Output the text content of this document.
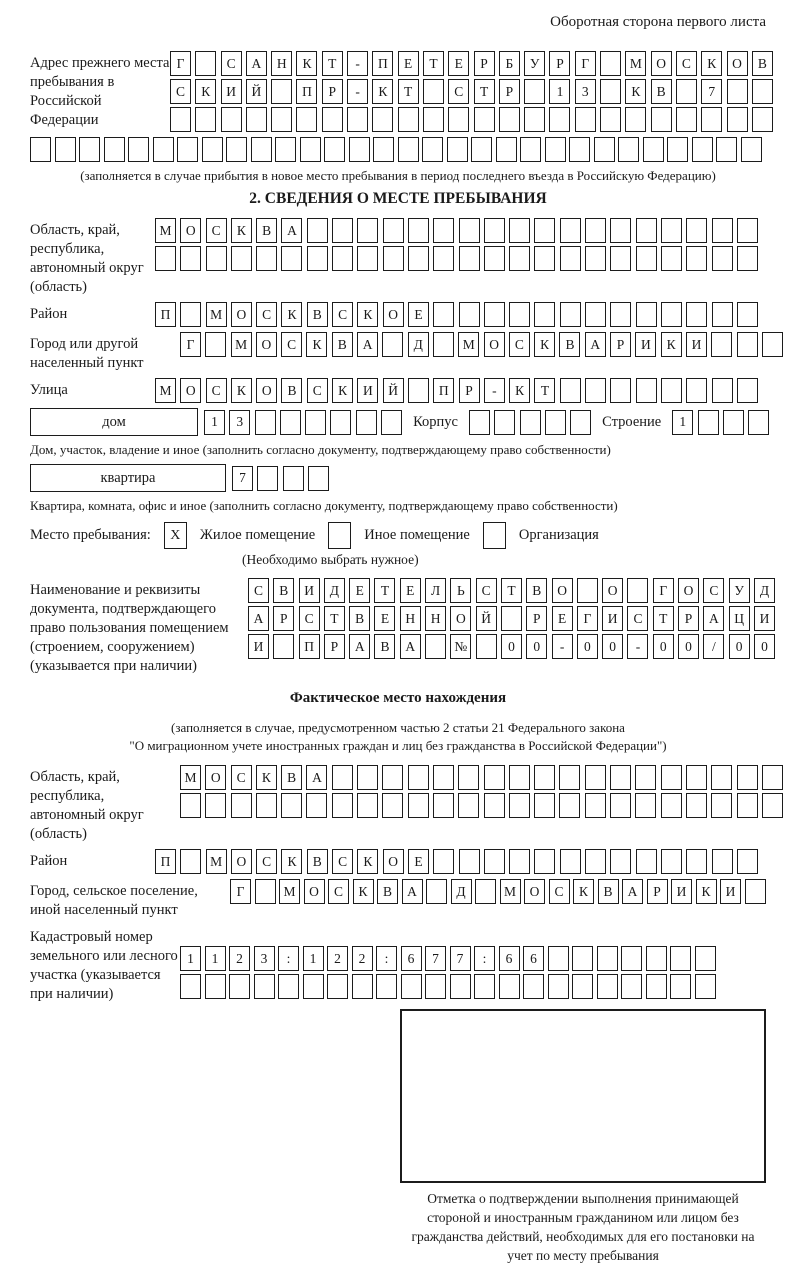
Оборотная сторона первого листа
Адрес прежнего места пребывания в Российской Федерации
Г	С	А	Н	К	Т	-	П	Е	Т	Е	Р	Б	У	Р	Г	М	О	С	К	О	В
С	К	И	Й	П	Р	-	К	Т	С	Т	Р	1	3	К	В	7
(заполняется в случае прибытия в новое место пребывания в период последнего въезда в Российскую Федерацию)
2. СВЕДЕНИЯ О МЕСТЕ ПРЕБЫВАНИЯ
Область, край, республика, автономный округ (область)
М	О	С	К	В	А
Район	П	М	О	С	К	В	С	К	О	Е
Город или другой населенный пункт
Г	М	О	С	К	В	А	Д	М	О	С	К	В	А	Р	И	К	И
Улица	М	О	С	К	О	В	С	К	И	Й	П	Р	-	К	Т
дом	1	3	Корпус	Строение	1
Дом, участок, владение и иное (заполнить согласно документу, подтверждающему право собственности)
квартира	7
Квартира, комната, офис и иное (заполнить согласно документу, подтверждающему право собственности)
Место пребывания:	X	Жилое помещение	Иное помещение	Организация
(Необходимо выбрать нужное)
Наименование и реквизиты документа, подтверждающего право пользования помещением (строением, сооружением) (указывается при наличии)
С	В	И	Д	Е	Т	Е	Л	Ь	С	Т	В	О	О	Г	О	С	У	Д
А	Р	С	Т	В	Е	Н	Н	О	Й	Р	Е	Г	И	С	Т	Р	А	Ц	И
И	П	Р	А	В	А	№	0	0	-	0	0	-	0	0	/	0	0
Фактическое место нахождения
(заполняется в случае, предусмотренном частью 2 статьи 21 Федерального закона
"О миграционном учете иностранных граждан и лиц без гражданства в Российской Федерации")
Область, край, республика, автономный округ (область)
М	О	С	К	В	А
Район	П	М	О	С	К	В	С	К	О	Е
Город, сельское поселение, иной населенный пункт
Г	М	О	С	К	В	А	Д	М	О	С	К	В	А	Р	И	К	И
Кадастровый номер земельного или лесного участка (указывается при наличии)
1	1	2	3	:	1	2	2	:	6	7	7	:	6	6
Отметка о подтверждении выполнения принимающей стороной и иностранным гражданином или лицом без гражданства действий, необходимых для его постановки на учет по месту пребывания
